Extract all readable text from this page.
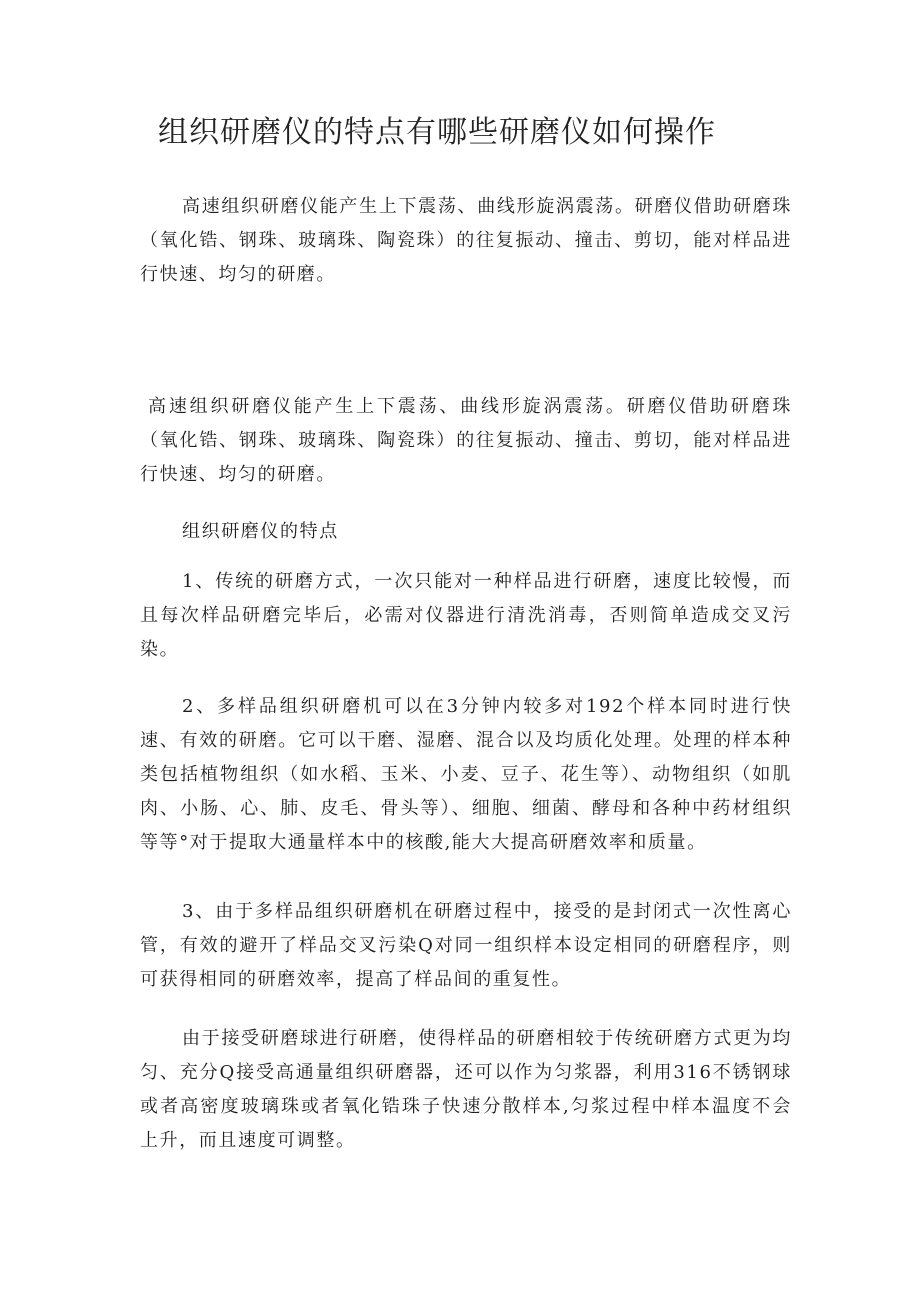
组织研磨仪的特点有哪些研磨仪如何操作

高速组织研磨仪能产生上下震荡、曲线形旋涡震荡。研磨仪借助研磨珠（氧化锆、钢珠、玻璃珠、陶瓷珠）的往复振动、撞击、剪切，能对样品进行快速、均匀的研磨。

高速组织研磨仪能产生上下震荡、曲线形旋涡震荡。研磨仪借助研磨珠（氧化锆、钢珠、玻璃珠、陶瓷珠）的往复振动、撞击、剪切，能对样品进行快速、均匀的研磨。

组织研磨仪的特点

1、传统的研磨方式，一次只能对一种样品进行研磨，速度比较慢，而且每次样品研磨完毕后，必需对仪器进行清洗消毒，否则简单造成交叉污染。

2、多样品组织研磨机可以在3分钟内较多对192个样本同时进行快速、有效的研磨。它可以干磨、湿磨、混合以及均质化处理。处理的样本种类包括植物组织（如水稻、玉米、小麦、豆子、花生等）、动物组织（如肌肉、小肠、心、肺、皮毛、骨头等）、细胞、细菌、酵母和各种中药材组织等等°对于提取大通量样本中的核酸,能大大提高研磨效率和质量。

3、由于多样品组织研磨机在研磨过程中，接受的是封闭式一次性离心管，有效的避开了样品交叉污染Q对同一组织样本设定相同的研磨程序，则可获得相同的研磨效率，提高了样品间的重复性。

由于接受研磨球进行研磨，使得样品的研磨相较于传统研磨方式更为均匀、充分Q接受高通量组织研磨器，还可以作为匀浆器，利用316不锈钢球或者高密度玻璃珠或者氧化锆珠子快速分散样本,匀浆过程中样本温度不会上升，而且速度可调整。
